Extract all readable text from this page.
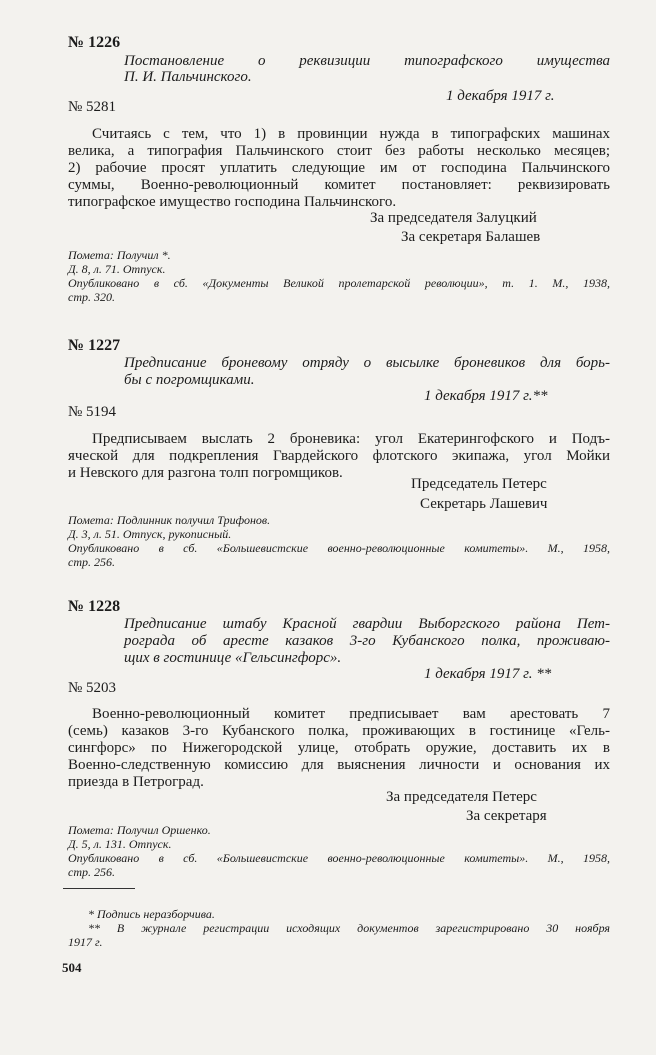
№ 1226
Постановление о реквизиции типографского имущества
П. И. Пальчинского.
1 декабря 1917 г.
№ 5281
Считаясь с тем, что 1) в провинции нужда в типографских машинах
велика, а типография Пальчинского стоит без работы несколько месяцев;
2) рабочие просят уплатить следующие им от господина Пальчинского
суммы, Военно-революционный комитет постановляет: реквизировать
типографское имущество господина Пальчинского.
За председателя Залуцкий
За секретаря Балашев
Помета: Получил *.
Д. 8, л. 71. Отпуск.
Опубликовано в сб. «Документы Великой пролетарской революции», т. 1. М., 1938,
стр. 320.
№ 1227
Предписание броневому отряду о высылке броневиков для борь-
бы с погромщиками.
1 декабря 1917 г.**
№ 5194
Предписываем выслать 2 броневика: угол Екатерингофского и Подъ-
яческой для подкрепления Гвардейского флотского экипажа, угол Мойки
и Невского для разгона толп погромщиков.
Председатель Петерс
Секретарь Лашевич
Помета: Подлинник получил Трифонов.
Д. 3, л. 51. Отпуск, рукописный.
Опубликовано в сб. «Большевистские военно-революционные комитеты». М., 1958,
стр. 256.
№ 1228
Предписание штабу Красной гвардии Выборгского района Пет-
рограда об аресте казаков 3-го Кубанского полка, проживаю-
щих в гостинице «Гельсингфорс».
1 декабря 1917 г. **
№ 5203
Военно-революционный комитет предписывает вам арестовать 7
(семь) казаков 3-го Кубанского полка, проживающих в гостинице «Гель-
сингфорс» по Нижегородской улице, отобрать оружие, доставить их в
Военно-следственную комиссию для выяснения личности и основания их
приезда в Петроград.
За председателя Петерс
За секретаря
Помета: Получил Оршенко.
Д. 5, л. 131. Отпуск.
Опубликовано в сб. «Большевистские военно-революционные комитеты». М., 1958,
стр. 256.
* Подпись неразборчива.
** В журнале регистрации исходящих документов зарегистрировано 30 ноября
1917 г.
504
